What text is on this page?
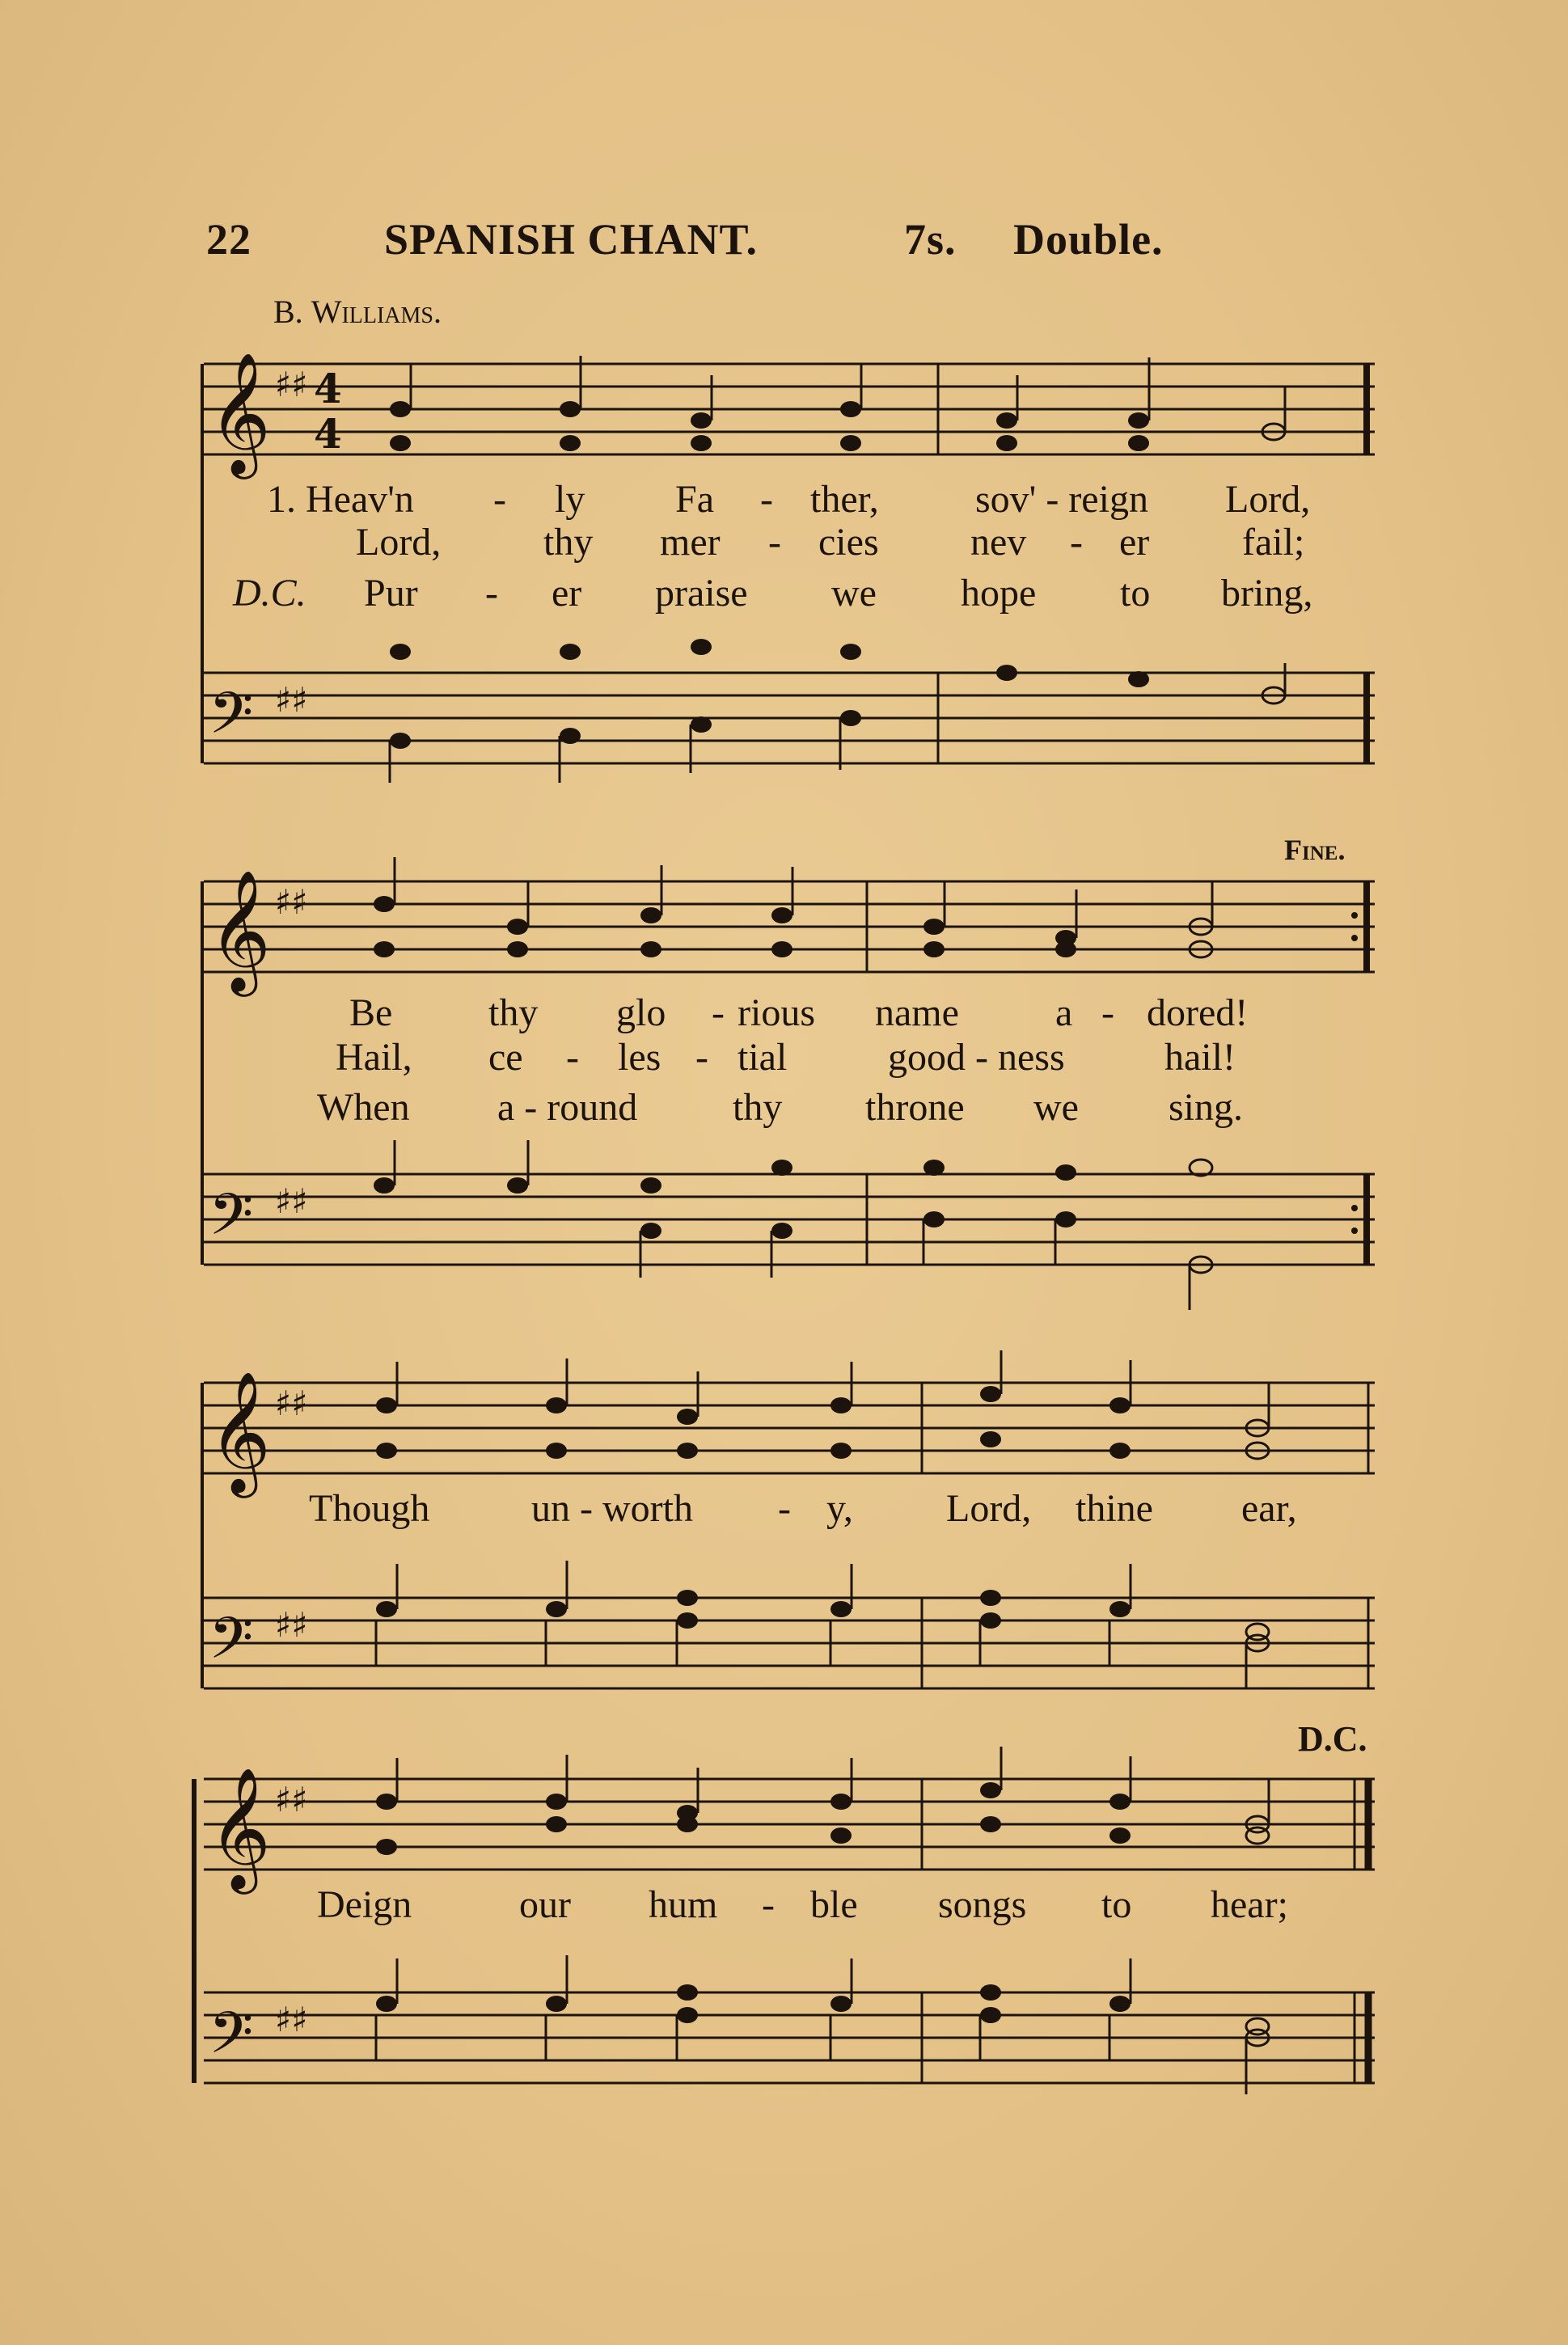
22	SPANISH CHANT.	7s. Double.
B. Williams.
Fine.
D.C.
𝄞
𝄢
4
4
♯♯
♯♯
1. Heav'n - ly Fa - ther, sov' - reign Lord,
Lord,	thy mer - cies nev - er fail;
D.C. Pur - er praise we hope to bring,
𝄞
𝄢
♯♯
♯♯
Be thy glo - rious name a - dored!
Hail, ce - les - tial	good - ness	hail!
When a - round thy throne we sing.
𝄞
𝄢
♯♯
♯♯
Though	un - worth - y, Lord, thine ear,
𝄞
𝄢
♯♯
♯♯
Deign	our hum - ble songs to hear;
